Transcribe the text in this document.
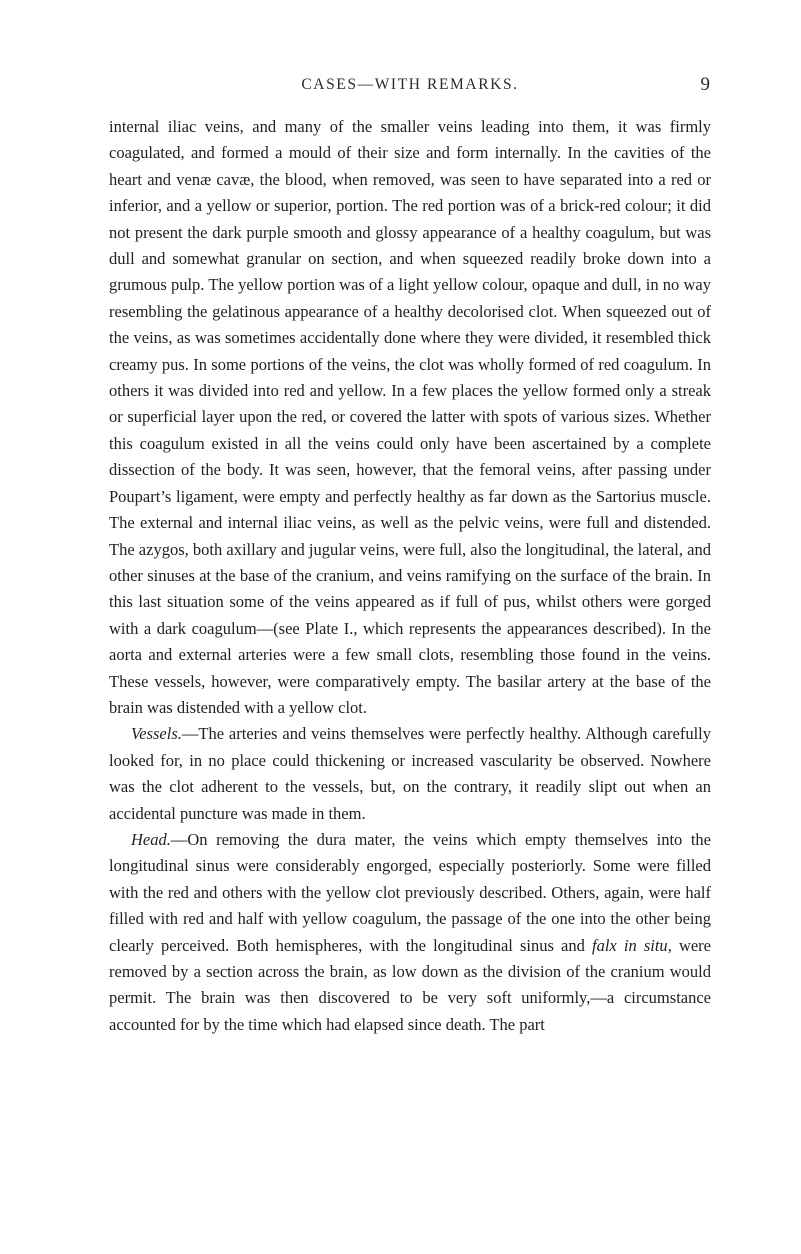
CASES—WITH REMARKS.	9

internal iliac veins, and many of the smaller veins leading into them, it was firmly coagulated, and formed a mould of their size and form internally. In the cavities of the heart and venæ cavæ, the blood, when removed, was seen to have separated into a red or inferior, and a yellow or superior, portion. The red portion was of a brick-red colour; it did not present the dark purple smooth and glossy appearance of a healthy coagulum, but was dull and somewhat granular on section, and when squeezed readily broke down into a grumous pulp. The yellow portion was of a light yellow colour, opaque and dull, in no way resembling the gelatinous appearance of a healthy decolorised clot. When squeezed out of the veins, as was sometimes accidentally done where they were divided, it resembled thick creamy pus. In some portions of the veins, the clot was wholly formed of red coagulum. In others it was divided into red and yellow. In a few places the yellow formed only a streak or superficial layer upon the red, or covered the latter with spots of various sizes. Whether this coagulum existed in all the veins could only have been ascertained by a complete dissection of the body. It was seen, however, that the femoral veins, after passing under Poupart’s ligament, were empty and perfectly healthy as far down as the Sartorius muscle. The external and internal iliac veins, as well as the pelvic veins, were full and distended. The azygos, both axillary and jugular veins, were full, also the longitudinal, the lateral, and other sinuses at the base of the cranium, and veins ramifying on the surface of the brain. In this last situation some of the veins appeared as if full of pus, whilst others were gorged with a dark coagulum—(see Plate I., which represents the appearances described). In the aorta and external arteries were a few small clots, resembling those found in the veins. These vessels, however, were comparatively empty. The basilar artery at the base of the brain was distended with a yellow clot.

Vessels.—The arteries and veins themselves were perfectly healthy. Although carefully looked for, in no place could thickening or increased vascularity be observed. Nowhere was the clot adherent to the vessels, but, on the contrary, it readily slipt out when an accidental puncture was made in them.

Head.—On removing the dura mater, the veins which empty themselves into the longitudinal sinus were considerably engorged, especially posteriorly. Some were filled with the red and others with the yellow clot previously described. Others, again, were half filled with red and half with yellow coagulum, the passage of the one into the other being clearly perceived. Both hemispheres, with the longitudinal sinus and falx in situ, were removed by a section across the brain, as low down as the division of the cranium would permit. The brain was then discovered to be very soft uniformly,—a circumstance accounted for by the time which had elapsed since death. The part
